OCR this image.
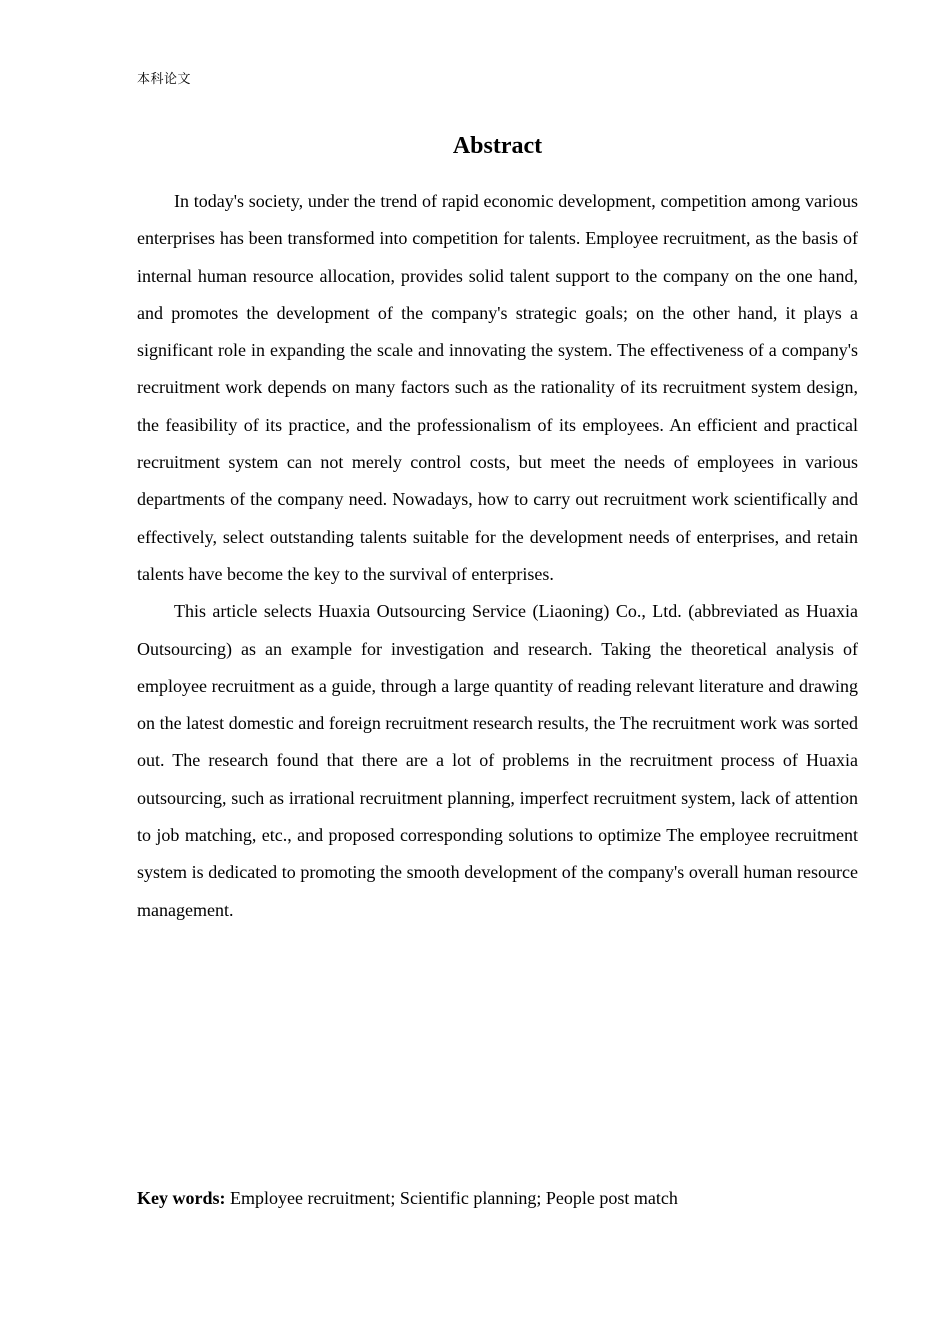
本科论文
Abstract

In today's society, under the trend of rapid economic development, competition among various enterprises has been transformed into competition for talents. Employee recruitment, as the basis of internal human resource allocation, provides solid talent support to the company on the one hand, and promotes the development of the company's strategic goals; on the other hand, it plays a significant role in expanding the scale and innovating the system. The effectiveness of a company's recruitment work depends on many factors such as the rationality of its recruitment system design, the feasibility of its practice, and the professionalism of its employees. An efficient and practical recruitment system can not merely control costs, but meet the needs of employees in various departments of the company need. Nowadays, how to carry out recruitment work scientifically and effectively, select outstanding talents suitable for the development needs of enterprises, and retain talents have become the key to the survival of enterprises.

This article selects Huaxia Outsourcing Service (Liaoning) Co., Ltd. (abbreviated as Huaxia Outsourcing) as an example for investigation and research. Taking the theoretical analysis of employee recruitment as a guide, through a large quantity of reading relevant literature and drawing on the latest domestic and foreign recruitment research results, the The recruitment work was sorted out. The research found that there are a lot of problems in the recruitment process of Huaxia outsourcing, such as irrational recruitment planning, imperfect recruitment system, lack of attention to job matching, etc., and proposed corresponding solutions to optimize The employee recruitment system is dedicated to promoting the smooth development of the company's overall human resource management.

Key words: Employee recruitment; Scientific planning; People post match
